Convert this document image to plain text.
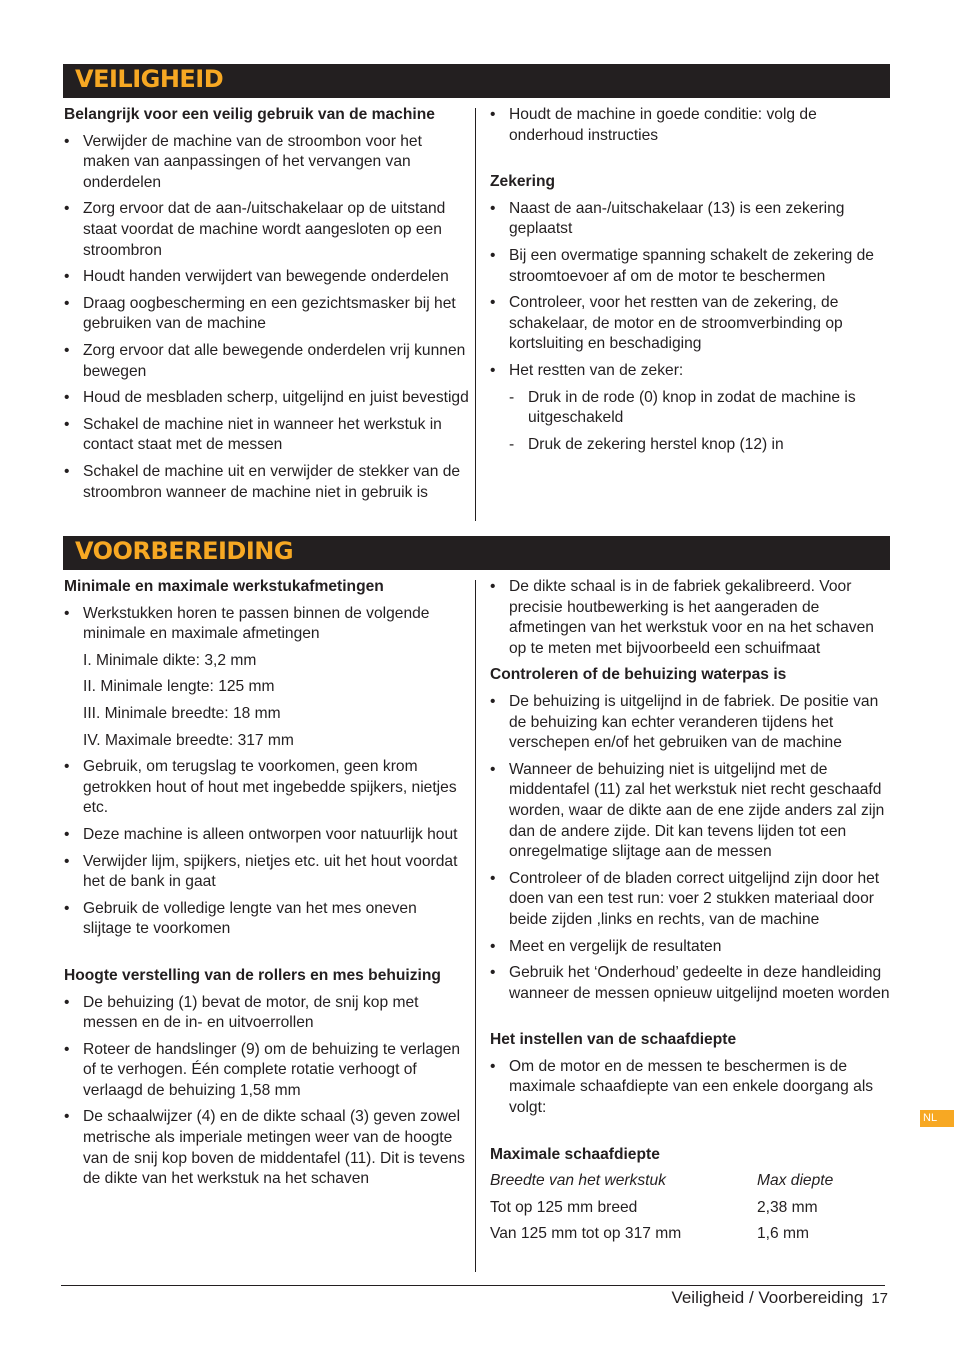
VEILIGHEID
Belangrijk voor een veilig gebruik van de machine
• Verwijder de machine van de stroombon voor het maken van aanpassingen of het vervangen van onderdelen
• Zorg ervoor dat de aan-/uitschakelaar op de uitstand staat voordat de machine wordt aangesloten op een stroombron
• Houdt handen verwijdert van bewegende onderdelen
• Draag oogbescherming en een gezichtsmasker bij het gebruiken van de machine
• Zorg ervoor dat alle bewegende onderdelen vrij kunnen bewegen
• Houd de mesbladen scherp, uitgelijnd en juist bevestigd
• Schakel de machine niet in wanneer het werkstuk in contact staat met de messen
• Schakel de machine uit en verwijder de stekker van de stroombron wanneer de machine niet in gebruik is
• Houdt de machine in goede conditie: volg de onderhoud instructies
Zekering
• Naast de aan-/uitschakelaar (13) is een zekering geplaatst
• Bij een overmatige spanning schakelt de zekering de stroomtoevoer af om de motor te beschermen
• Controleer, voor het restten van de zekering, de schakelaar, de motor en de stroomverbinding op kortsluiting en beschadiging
• Het restten van de zeker:
- Druk in de rode (0) knop in zodat de machine is uitgeschakeld
- Druk de zekering herstel knop (12) in
VOORBEREIDING
Minimale en maximale werkstukafmetingen
• Werkstukken horen te passen binnen de volgende minimale en maximale afmetingen
I. Minimale dikte: 3,2 mm
II. Minimale lengte: 125 mm
III. Minimale breedte: 18 mm
IV. Maximale breedte: 317 mm
• Gebruik, om terugslag te voorkomen, geen krom getrokken hout of hout met ingebedde spijkers, nietjes etc.
• Deze machine is alleen ontworpen voor natuurlijk hout
• Verwijder lijm, spijkers, nietjes etc. uit het hout voordat het de bank in gaat
• Gebruik de volledige lengte van het mes oneven slijtage te voorkomen
Hoogte verstelling van de rollers en mes behuizing
• De behuizing (1) bevat de motor, de snij kop met messen en de in- en uitvoerrollen
• Roteer de handslinger (9) om de behuizing te verlagen of te verhogen. Één complete rotatie verhoogt of verlaagd de behuizing 1,58 mm
• De schaalwijzer (4) en de dikte schaal (3) geven zowel metrische als imperiale metingen weer van de hoogte van de snij kop boven de middentafel (11). Dit is tevens de dikte van het werkstuk na het schaven
• De dikte schaal is in de fabriek gekalibreerd. Voor precisie houtbewerking is het aangeraden de afmetingen van het werkstuk voor en na het schaven op te meten met bijvoorbeeld een schuifmaat
Controleren of de behuizing waterpas is
• De behuizing is uitgelijnd in de fabriek. De positie van de behuizing kan echter veranderen tijdens het verschepen en/of het gebruiken van de machine
• Wanneer de behuizing niet is uitgelijnd met de middentafel (11) zal het werkstuk niet recht geschaafd worden, waar de dikte aan de ene zijde anders zal zijn dan de andere zijde. Dit kan tevens lijden tot een onregelmatige slijtage aan de messen
• Controleer of de bladen correct uitgelijnd zijn door het doen van een test run: voer 2 stukken materiaal door beide zijden ,links en rechts, van de machine
• Meet en vergelijk de resultaten
• Gebruik het ‘Onderhoud’ gedeelte in deze handleiding wanneer de messen opnieuw uitgelijnd moeten worden
Het instellen van de schaafdiepte
• Om de motor en de messen te beschermen is de maximale schaafdiepte van een enkele doorgang als volgt:
Maximale schaafdiepte
Breedte van het werkstuk	Max diepte
Tot op 125 mm breed	2,38 mm
Van 125 mm tot op 317 mm	1,6 mm
NL
Veiligheid / Voorbereiding 17
